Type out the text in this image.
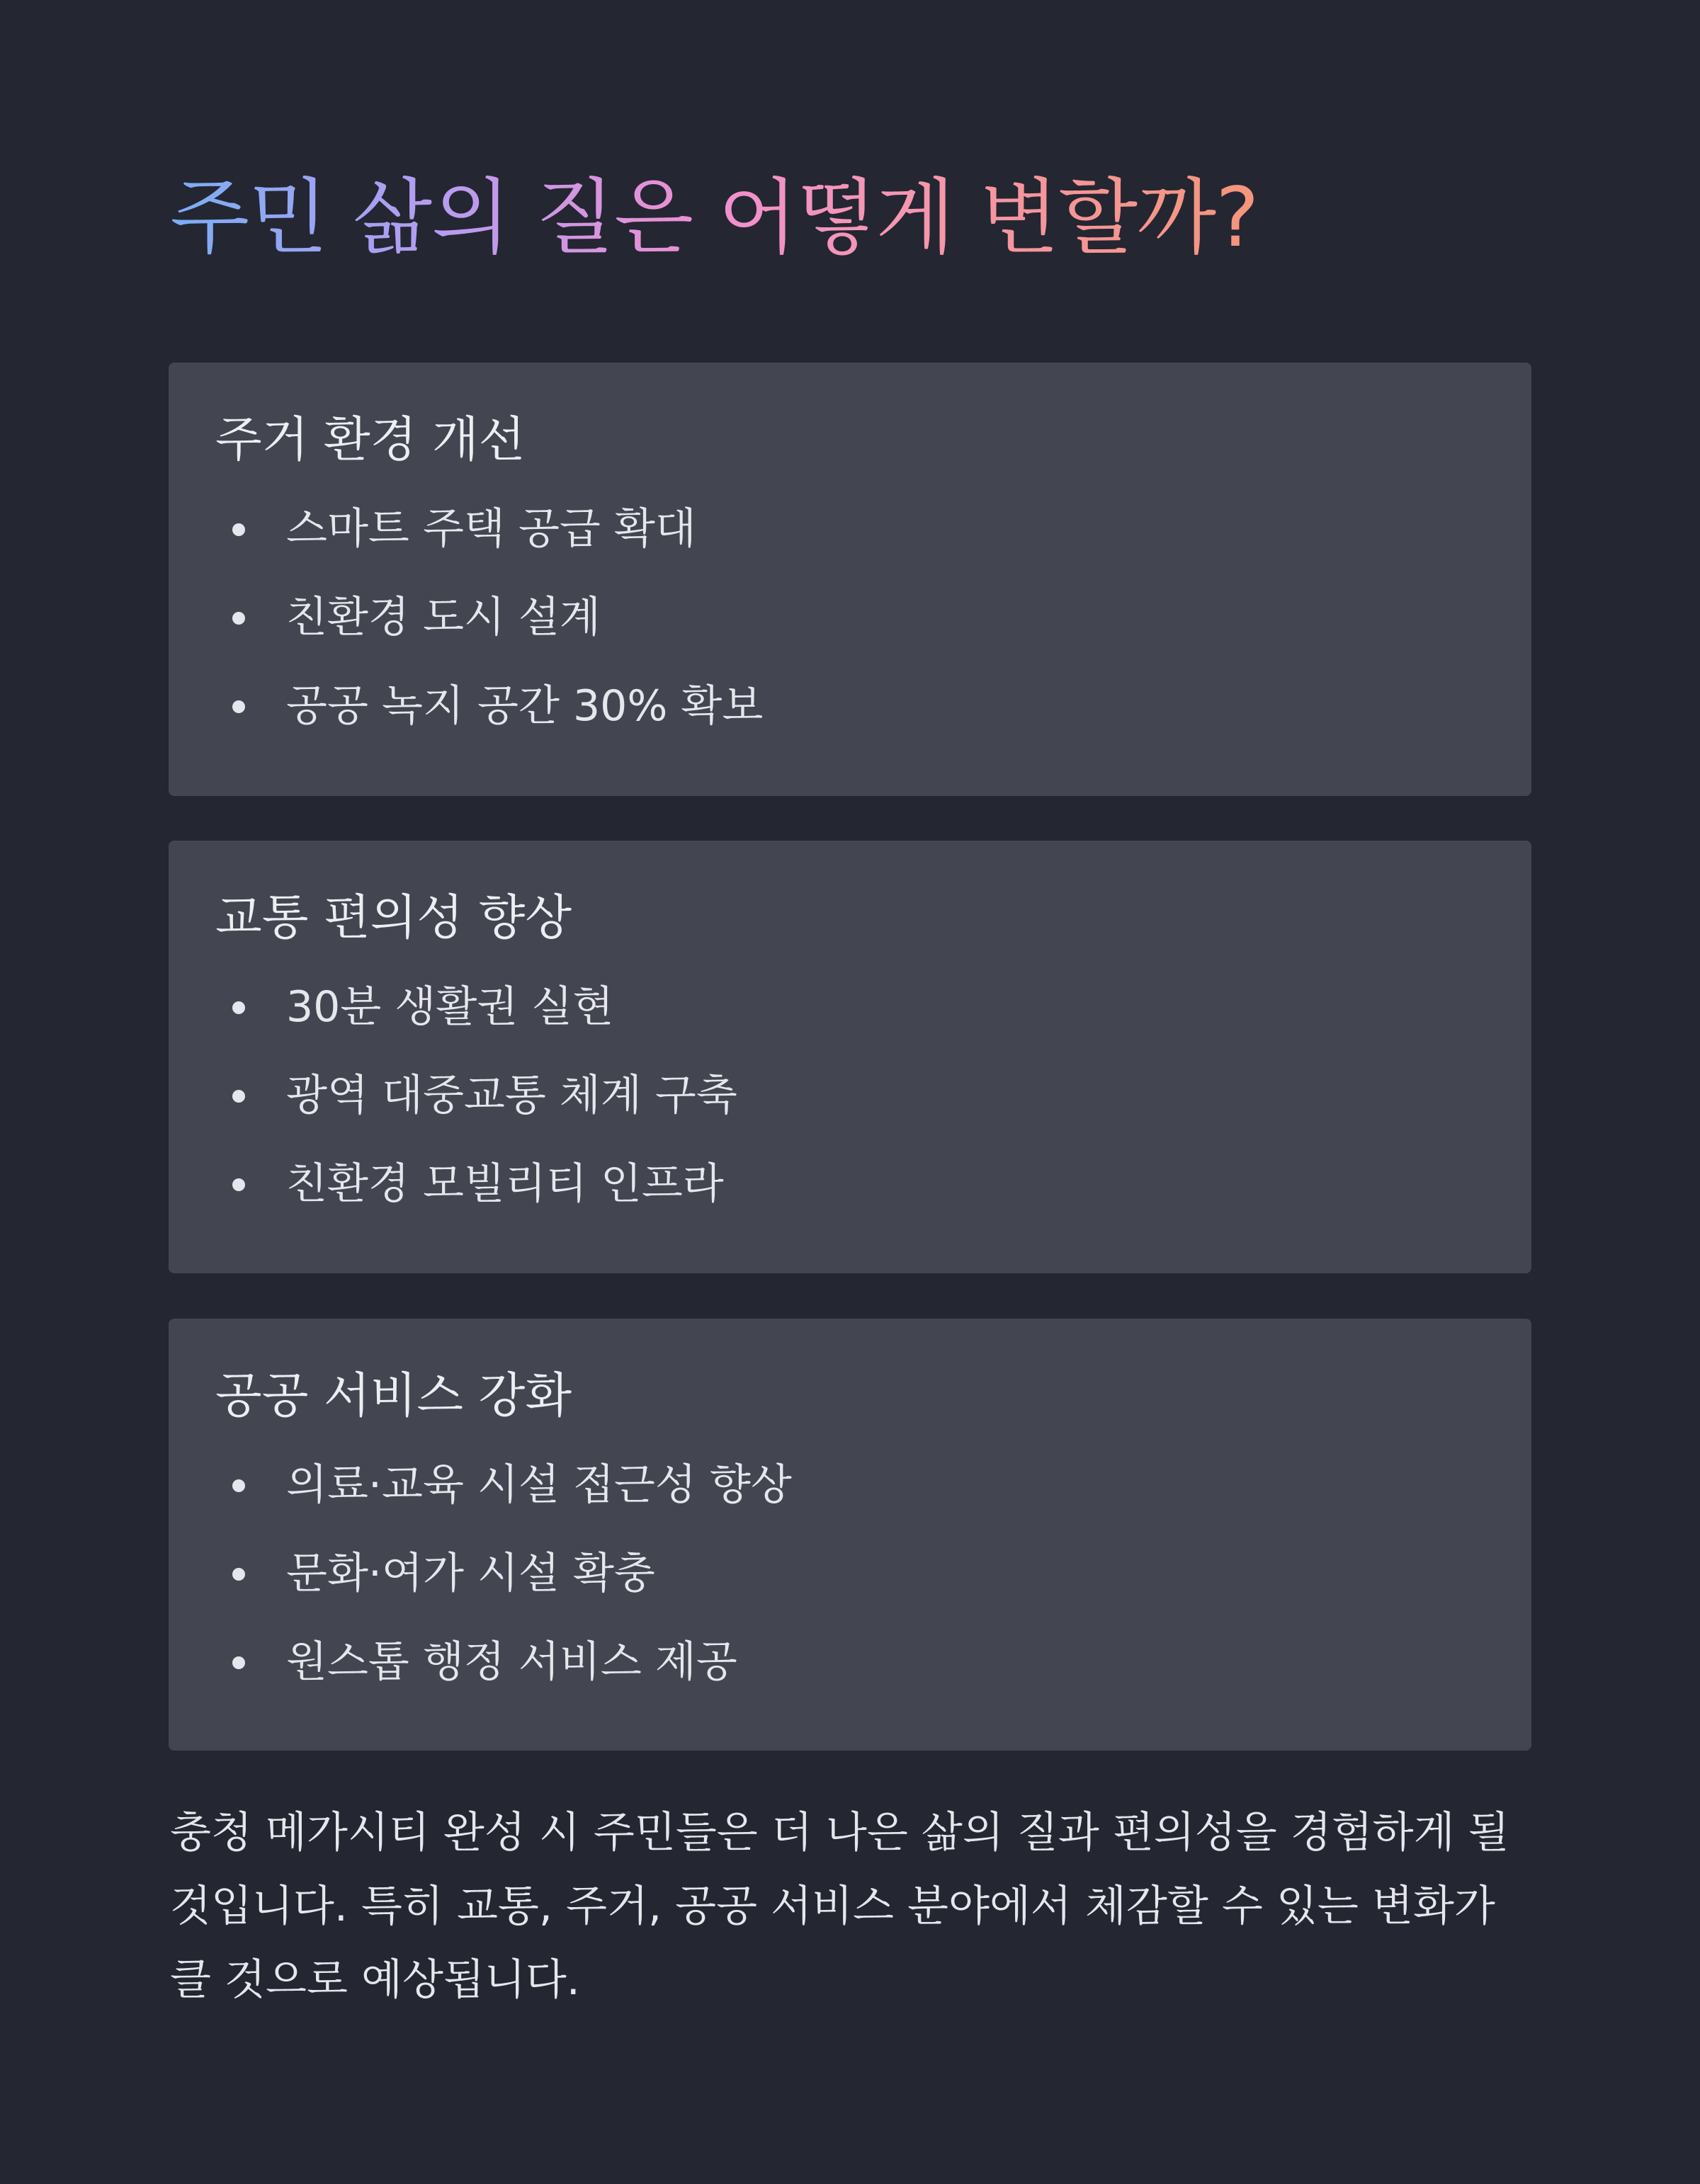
주민 삶의 질은 어떻게 변할까?
주거 환경 개선
스마트 주택 공급 확대
친환경 도시 설계
공공 녹지 공간 30% 확보
교통 편의성 향상
30분 생활권 실현
광역 대중교통 체계 구축
친환경 모빌리티 인프라
공공 서비스 강화
의료·교육 시설 접근성 향상
문화·여가 시설 확충
원스톱 행정 서비스 제공

충청 메가시티 완성 시 주민들은 더 나은 삶의 질과 편의성을 경험하게 될 것입니다. 특히 교통, 주거, 공공 서비스 분야에서 체감할 수 있는 변화가 클 것으로 예상됩니다.
